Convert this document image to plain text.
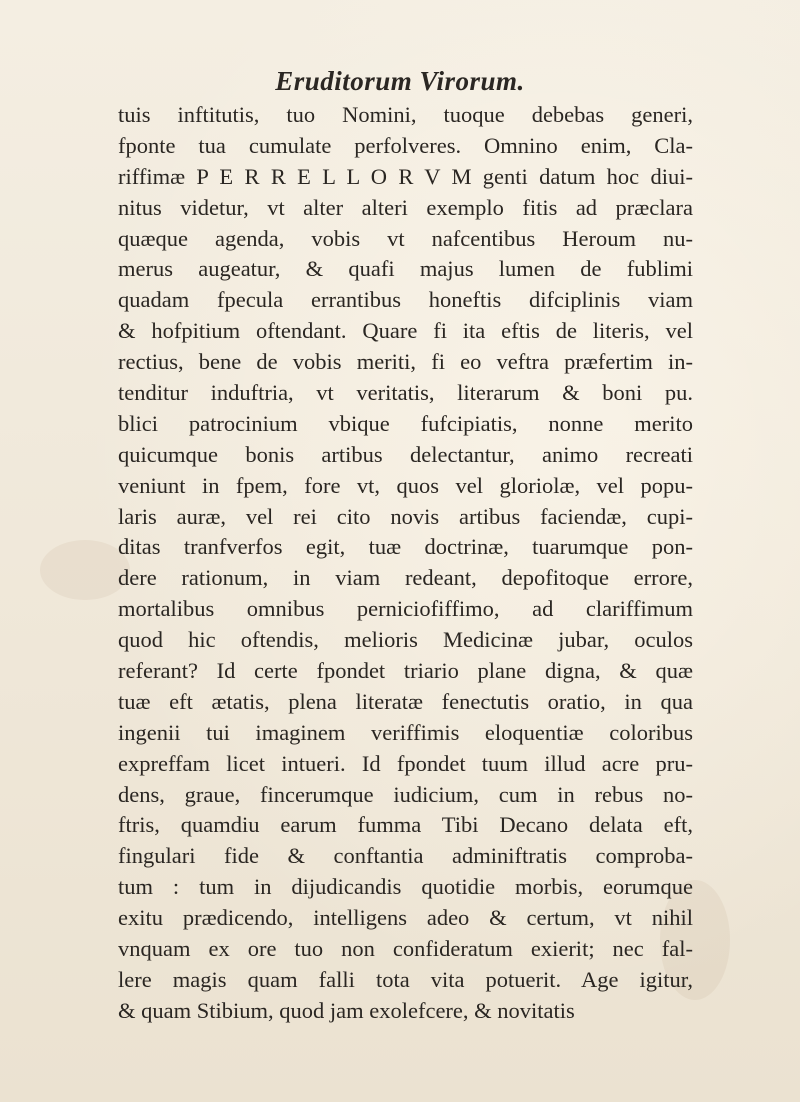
Eruditorum Virorum.
tuis inftitutis, tuo Nomini, tuoque debebas generi,
fponte tua cumulate perfolveres. Omnino enim, Cla-
riffimæ P E R R E L L O R V M genti datum hoc diui-
nitus videtur, vt alter alteri exemplo fitis ad præclara
quæque agenda, vobis vt nafcentibus Heroum nu-
merus augeatur, & quafi majus lumen de fublimi
quadam fpecula errantibus honeftis difciplinis viam
& hofpitium oftendant. Quare fi ita eftis de literis, vel
rectius, bene de vobis meriti, fi eo veftra præfertim in-
tenditur induftria, vt veritatis, literarum & boni pu.
blici patrocinium vbique fufcipiatis, nonne merito
quicumque bonis artibus delectantur, animo recreati
veniunt in fpem, fore vt, quos vel gloriolæ, vel popu-
laris auræ, vel rei cito novis artibus faciendæ, cupi-
ditas tranfverfos egit, tuæ doctrinæ, tuarumque pon-
dere rationum, in viam redeant, depofitoque errore,
mortalibus omnibus perniciofiffimo, ad clariffimum
quod hic oftendis, melioris Medicinæ jubar, oculos
referant? Id certe fpondet triario plane digna, & quæ
tuæ eft ætatis, plena literatæ fenectutis oratio, in qua
ingenii tui imaginem veriffimis eloquentiæ coloribus
expreffam licet intueri. Id fpondet tuum illud acre pru-
dens, graue, fincerumque iudicium, cum in rebus no-
ftris, quamdiu earum fumma Tibi Decano delata eft,
fingulari fide & conftantia adminiftratis comproba-
tum : tum in dijudicandis quotidie morbis, eorumque
exitu prædicendo, intelligens adeo & certum, vt nihil
vnquam ex ore tuo non confideratum exierit; nec fal-
lere magis quam falli tota vita potuerit. Age igitur,
& quam Stibium, quod jam exolefcere, & novitatis
